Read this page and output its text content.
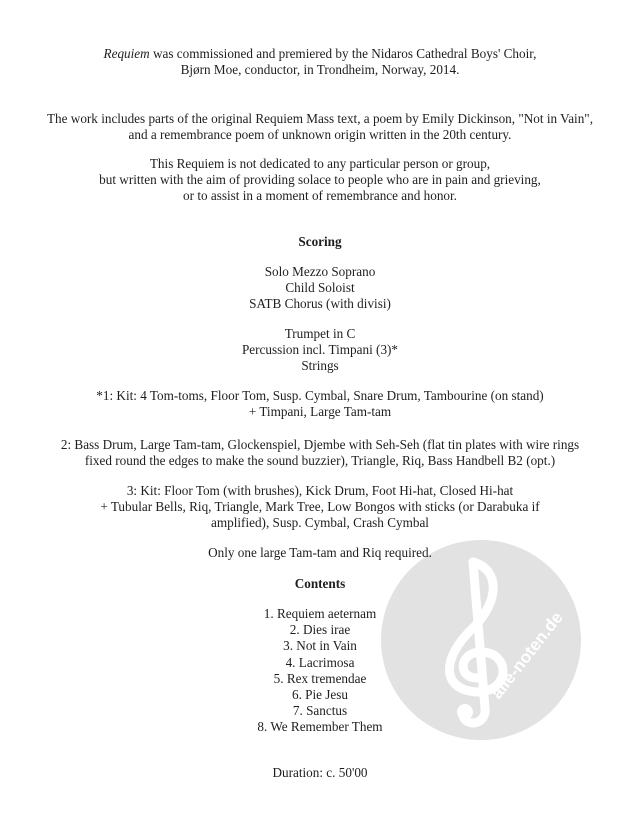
alle-noten.de
Requiem was commissioned and premiered by the Nidaros Cathedral Boys' Choir,
Bjørn Moe, conductor, in Trondheim, Norway, 2014.
The work includes parts of the original Requiem Mass text, a poem by Emily Dickinson, "Not in Vain",
and a remembrance poem of unknown origin written in the 20th century.
This Requiem is not dedicated to any particular person or group,
but written with the aim of providing solace to people who are in pain and grieving,
or to assist in a moment of remembrance and honor.
Scoring
Solo Mezzo Soprano
Child Soloist
SATB Chorus (with divisi)
Trumpet in C
Percussion incl. Timpani (3)*
Strings
*1: Kit: 4 Tom-toms, Floor Tom, Susp. Cymbal, Snare Drum, Tambourine (on stand)
+ Timpani, Large Tam-tam
2: Bass Drum, Large Tam-tam, Glockenspiel, Djembe with Seh-Seh (flat tin plates with wire rings
fixed round the edges to make the sound buzzier), Triangle, Riq, Bass Handbell B2 (opt.)
3: Kit: Floor Tom (with brushes), Kick Drum, Foot Hi-hat, Closed Hi-hat
+ Tubular Bells, Riq, Triangle, Mark Tree, Low Bongos with sticks (or Darabuka if
amplified), Susp. Cymbal, Crash Cymbal
Only one large Tam-tam and Riq required.
Contents
1. Requiem aeternam
2. Dies irae
3. Not in Vain
4. Lacrimosa
5. Rex tremendae
6. Pie Jesu
7. Sanctus
8. We Remember Them
Duration: c. 50'00
